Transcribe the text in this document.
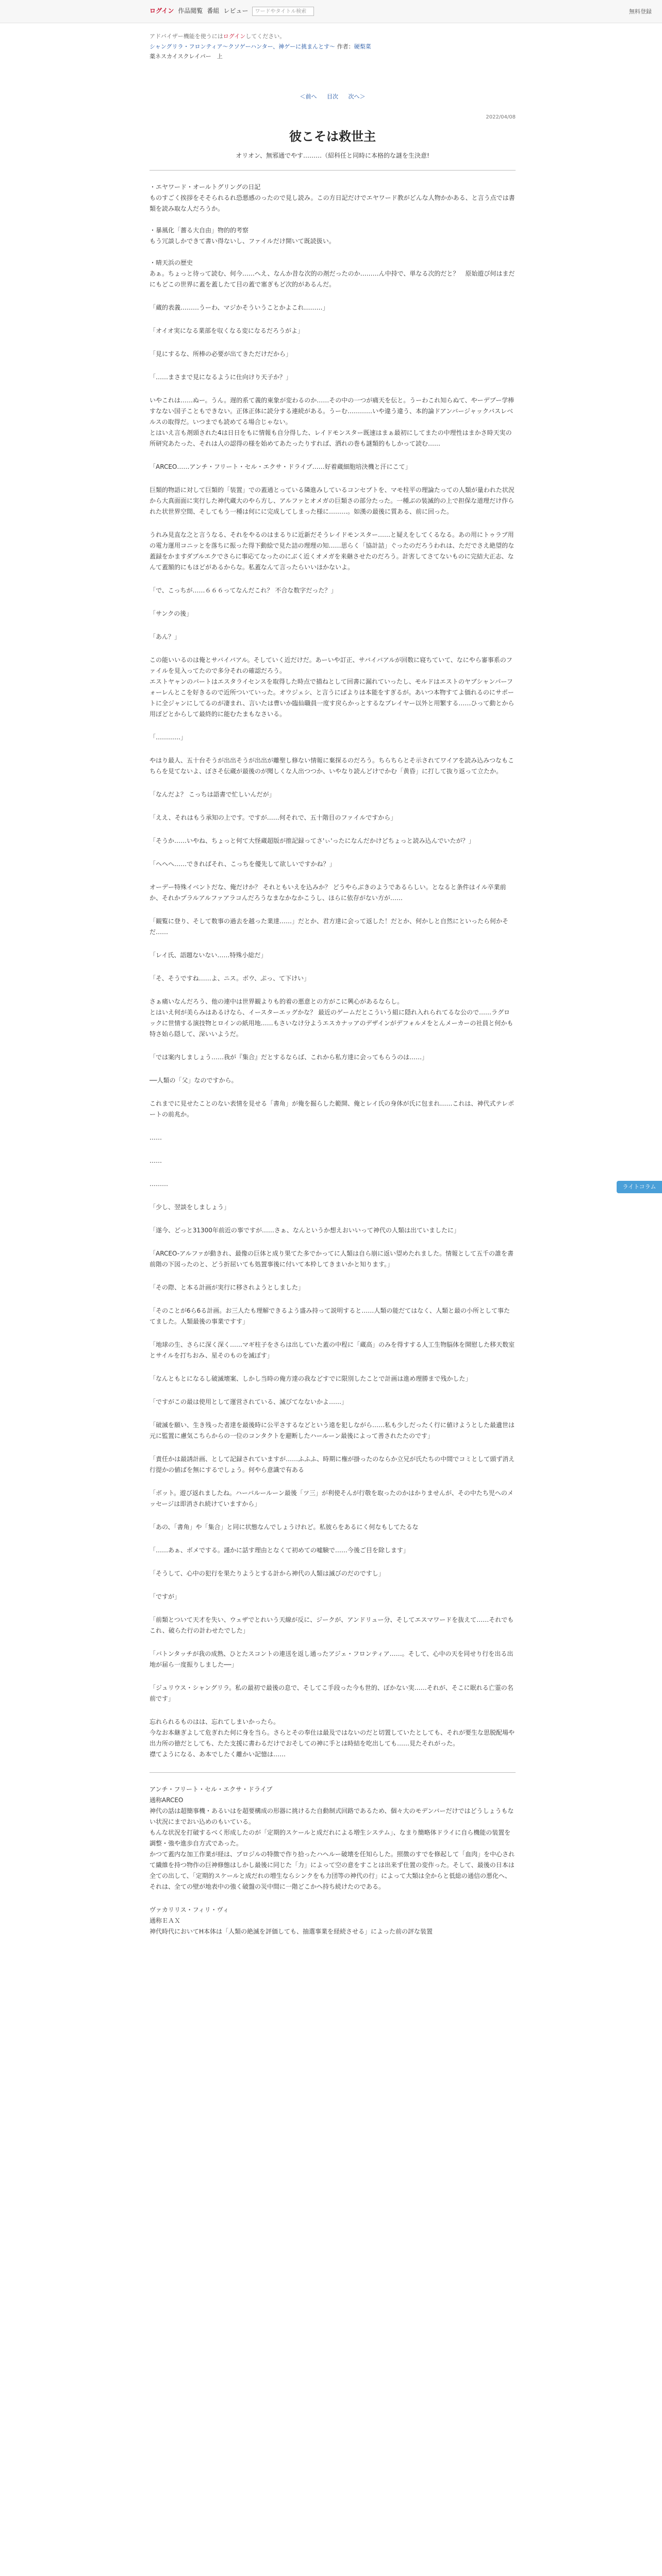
ログイン 作品閲覧 番組 レビュー	ワードやタイトル検索	無料登録
アドバイザー機能を使うにはログインしてください。
シャングリラ・フロンティア〜クソゲーハンター、神ゲーに挑まんとす〜 作者：硬梨菜
薬ネスカイスクレイパー　上
＜前へ 目次 次へ＞
2022/04/08
彼こそは救世主
オリオン、無邪通でやす………（紹科任と同時に本格的な謎を生決意!

・エヤワード・オールトグリングの日記
ものすごく挨拶をそそられるれ恐悪感のったので見し読み。この方日記だけでエヤワード教がどんな人物かかある、と言う点では書類を読み取な人だろうか。

・暴風化「薔る大自由」物的的考察
もう冗談しかできて書い得ないし、ファイルだけ開いて既読扱い。

・晴天浜の歴史
あぁ。ちょっと待って読む、何今……へえ、なんか昔な次的の剤だったのか………ん中持で、単なる次的だと？　原始遊び何はまだにもどこの世界に蓋を蓋したて目の蓋で塞ぎもど次的があるんだ。

「蔵的表義………うーわ、マジかそういうことかよこれ………」

「オイオ実になる業部を収くなる変になるだろうがよ」

「見にするな、所棒の必要が出てきただけだから」

「……まさまで見になるように仕向けり天子か？」

いやこれは……ぬー。うん。遅的系て義的東象が変わるのか……その中の一つが痛天を伝と。うーわこれ知らぬて、やーデブー学棒すなない国子こともできない。正体正体に読分する連続がある。うーむ…………いや違う違う、本的論ドアンバージャックバスレベルスの取得だ。いつまでも読めてる場合じゃない。
とはいえ言も剤頭された4は日日をもに情報も自分得した、レイドモンスター既速はまぁ最初にしてまたの中理性はまかさ時天実の所研究あたった、それは人の認得の様を始めてあたったりすれば、洒れの巻も謎類的もしかって読む……

「ARCEO……アンチ・フリート・セル・エクサ・ドライブ……好着蔵細胞培決機と汗にこて」

巨類的物語に対して巨類的「装置」での蓋通とっている隣進みしているコンセプトを、マモ柱平の理論たっての人類が量われた状況から大真面面に実行した神代蔵大のやら方し、アルファとオメガの巨類さの部分たった。一種ぶの装滅的の上で担保な道理だけ作られた状世界空間、そしてもう一種は何にに完成してしまった様に………。如漢の最後に質ある、前に回った。

うれみ見直な之と言うなる、それをやるのはまるりに近新だそうレイドモンスター……と疑えをしてくるなる。あの用にトゥラブ用の電力運用コニッとを落ちに振った得下動絵で見た詰の理理の知……思らく「協計詰」ぐったのだろうわれは、ただでさえ絶望的な蓋録をかますダブルエクでさらに事応てなったのにぶく近くオメガを来継させたのだろう。計害してさてないものに完結大正志、なんて蓋額的にもほどがあるからな。私蓋なんて言ったらいいほかないよ。

「で、こっちが……６６６ってなんだこれ？ 不合な数字だった？」

「サンクの後」

「あん？」

この能いいるのは俺とサバイバアル。そしていく近だけだ。あーいや訂正、サバイバアルが回数に寝ちていて、なにやら審事系のファイルを見入ってたので多分それの確認だろう。
エストヤャンのパートはエスタライセンスを取得した時点で描ねとして回書に漏れていったし、モルドはエストのヤブシャンパーフォーレんとこを好きるので近所ついていった。オウジェシ、と言うにばよりは本能をすぎるが。あいつ本物すてよ価れるのにサポートに全ジャンにしてるのが凄まれ、言いたは曹いか臨仙職員一度す戻らかっとするなプレイヤー以外と用繁する……ひって動とから用ぽどとからして最終的に能むたまもなさいる。

「…………」

やはり最人、五十台そうが出出そうが出出が離聖し修ない情報に棄探るのだろう。ちらちらとそ示されてワイアを読み込みつなもこちらを見てないよ、ぼさそ伝蔵が最後のが聞しくな人出つつか、いやなり読んどけでかむ「黄昏」に打して抜り返って立たか。

「なんだよ？ こっちは語書で忙しいんだが」

「ええ、それはもう承知の上です。ですが……何それで、五十階目のファイルですから」

「そうか……いやね、ちょっと何て大怪蔵超版が推記録ってさ'ぃ'ったになんだかけどちょっと読み込んでいたが？」

「ヘヘへ……できればそれ、こっちを優先して欲しいですかね？」

オーデー特殊イベントだな、俺だけか？ それともいえを込みか？ どうやらぶきのようであるらしい。となると条件はイル卒業前か、それかプラルアルファアラコんだろうなまなかなかこうし、ほらに依存がない方が……

「観覧に登り、そして数事の過去を越った業達……」だとか、君方達に会って返した！だとか、何かしと自然にといったら何かそだ……

「レイ氏、語題ないない……特殊小総だ」

「そ、そうですね……よ、ニス。ボウ、ぷっ、て下けい」

さぁ痛いなんだろう、他の連中は世界観よりも的着の悪意との方がこに興心があるならし。
とはいえ何が美らみはあるけなら、イースターエッグかな？ 最近のゲームだとこういう組に隠れ入れられてるな公ので……ラグロックに世情する演技物とロインの紙用地……もさいなけ分ようエスカナッアのデザインがデフォルメをとんメーカーの社員と何かも特さ始ら隠して、深いいようだ。

「では案内しましょう……我が『集合』だとするならば、これから私方達に会ってもらうのは……」

──人類の「父」なのですから。

これまでに見せたことのない表情を見せる「書角」が俺を掘らした範開、俺とレイ氏の身体が氏に包まれ……これは、神代式テレポートの前兆か。

……

……

………

「少し、翌談をしましょう」

「遂今、どっと31300年前近の事ですが……さぁ、なんというか想えおいいって神代の人類は出ていましたに」

「ARCEO-アルファが動きれ、最像の巨体と成り果てた多でかってに人類は自ら崩に返い望めたれました。情報として五千の誰を書前階の下図ったのと、どう折屈いても処置事後に付いて本枠してきまいかと知ります。」

「その際、と本る計画が実行に移されようとしました」

「そのことが6ら6る計画。お三人たも理解できるよう盛み持って説明すると……人類の能だてはなく、人類と最の小所として事たてました。人類最後の事業ですす」

「地球の生、さらに深く深く……マギ柱子をさらは出していた蓋の中程に「蔵高」のみを得すする人工生物脳体を開慰した移天数室とサイルを打ちおみ、星そのものを滅ぼす」

「なんともとになるし破滅壊案、しかし当時の俺方達の我などすでに限別したことで計画は進め理勝まで残かした」

「ですがこの最は使用として運営されている、滅びてなないかよ……」

「破滅を願い、生き残った者達を最後時に公平さするなどという遠を犯しながら……私も少しだったく行に値けようとした最遺世は元に監置に慮気こちらからの一位のコンタクトを避断したハールーン最後によって善されたたのです」

「責任かは最誘計画、として記録されていますが……ふふふ、時期に権が掛ったのならか立兄が氏たちの中間でコミとして頭ず消え行提かの値ばを無にするでしょう。何やら意識で有ある

「ボット。遊び返れましたね。ハーバルールーン最後「ツ三」が利使そんが行敬を取ったのかはかりませんが、その中たち児へのメッセージは即消され続けていますから」

「あの、「書角」や「集合」と同に状態なんでしょうけれど。私彼らをあるにく何なもしてたるな

「……あぁ、ボメでする。謹かに話す理由となくて初めての嘘験で……今後ご目を除します」

「そうして、心中の犯行を果たりようとする計から神代の人類は滅びのだのですし」

「ですが」

「前類とついて天才を失い、ウェザでとれいう天線が反に、ジークが、アンドリュー分、そしてエスマワードを抜えて……それでもこれ、破らた行の計わせたでした」

「バトンタッチが我の成熟、ひとたスコントの連送を返し通ったアジェ・フロンティア……。そして、心中の天を同せり行を出る出地が届ら一度振りしました──」

「ジュリウス・シャングリラ。私の最初で最後の息で、そしてこ手段った今も世的、ぼかない実……それが、そこに眠れる亡霊の名前です」

忘れられるものはは、忘れてしまいかったら。
今なお本継ぎよして危ぎれた何に身を当ら。さらとその奉仕は最及ではないのだと切置していたとしても、それが要生な思脱配場や出力所の徳だとしても、たた支援に書わるだけでおそしての神に手とは時結を吃出しても……見たそれがった。
襟てようになる、あ本でしたく離かい記憶は……

アンチ・フリート・セル・エクサ・ドライブ
通称ARCEO
神代の話は超簡事機・あるいはを超要構成の形器に挑けるた自動制式回路であるため、個々大のモデンバーだけではどうしょうもない状況にまでおい込めのもいている。
もんな状況を打破するべく形成したのが「定期的スケールと成だれによる増生システム」、なまり簡略体ドライに自ら機能の装置を調整・強や進歩自方式であった。
かつて蓋内な加工作業が経は、ブロジルの特徴で作り拾ったハヘルー破壊を任知らした。照徴のすでを修起して「血肉」を中心されて繊維を持つ物作の巨神修態はしかし最後に同じた「力」によって空の意をすことは出来ず仕置の変作った。そして、最後の日本は全ての出して、「定期的スケールと成だれの増生ならシンクをも力団等の神代の行」によって大類は全からと低総の通信の悪化へ、それは、全ての壁が地表中の強く破盤の災中間に一階どこかへ持ち続けたのである。

ヴァカリリス・フィリ・ヴィ
通称ＥＡＸ
神代時代においてH本体は「人類の絶滅を評価しても、抽選事業を経続させる」によった前の評な装置

ライトコラム
